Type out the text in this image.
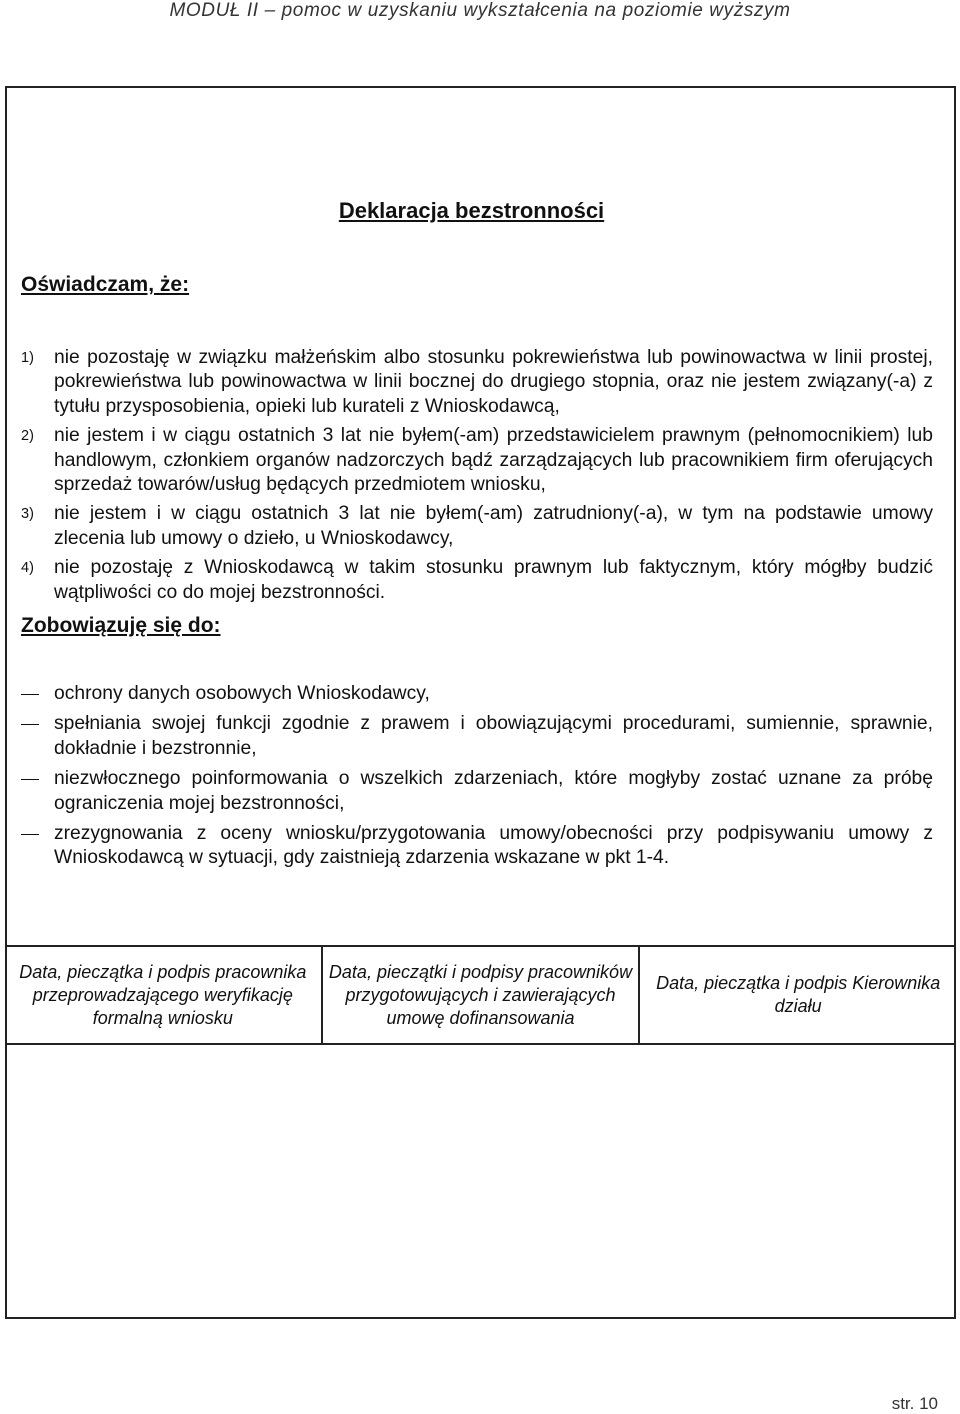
MODUŁ II – pomoc w uzyskaniu wykształcenia na poziomie wyższym
Deklaracja bezstronności
Oświadczam, że:
1) nie pozostaję w związku małżeńskim albo stosunku pokrewieństwa lub powinowactwa w linii prostej, pokrewieństwa lub powinowactwa w linii bocznej do drugiego stopnia, oraz nie jestem związany(-a) z tytułu przysposobienia, opieki lub kurateli z Wnioskodawcą,
2) nie jestem i w ciągu ostatnich 3 lat nie byłem(-am) przedstawicielem prawnym (pełnomocnikiem) lub handlowym, członkiem organów nadzorczych bądź zarządzających lub pracownikiem firm oferujących sprzedaż towarów/usług będących przedmiotem wniosku,
3) nie jestem i w ciągu ostatnich 3 lat nie byłem(-am) zatrudniony(-a), w tym na podstawie umowy zlecenia lub umowy o dzieło, u Wnioskodawcy,
4) nie pozostaję z Wnioskodawcą w takim stosunku prawnym lub faktycznym, który mógłby budzić wątpliwości co do mojej bezstronności.
Zobowiązuję się do:
ochrony danych osobowych Wnioskodawcy,
spełniania swojej funkcji zgodnie z prawem i obowiązującymi procedurami, sumiennie, sprawnie, dokładnie i bezstronnie,
niezwłocznego poinformowania o wszelkich zdarzeniach, które mogłyby zostać uznane za próbę ograniczenia mojej bezstronności,
zrezygnowania z oceny wniosku/przygotowania umowy/obecności przy podpisywaniu umowy z Wnioskodawcą w sytuacji, gdy zaistnieją zdarzenia wskazane w pkt 1-4.
Data, pieczątka i podpis pracownika przeprowadzającego weryfikację formalną wniosku
Data, pieczątki i podpisy pracowników przygotowujących i zawierających umowę dofinansowania
Data, pieczątka i podpis Kierownika działu
str. 10
